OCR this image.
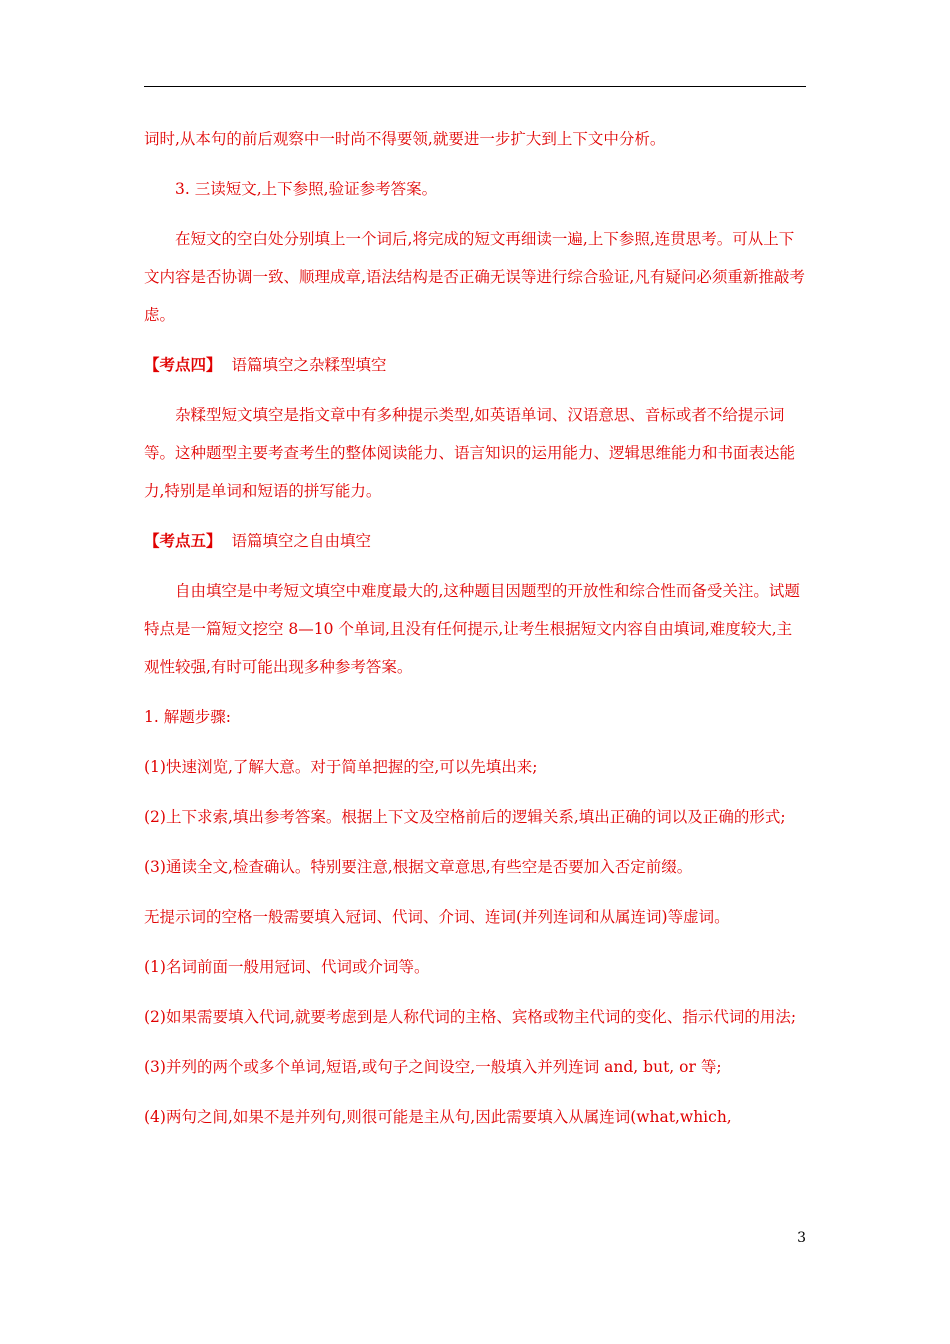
词时,从本句的前后观察中一时尚不得要领,就要进一步扩大到上下文中分析。

3. 三读短文,上下参照,验证参考答案。

在短文的空白处分别填上一个词后,将完成的短文再细读一遍,上下参照,连贯思考。可从上下文内容是否协调一致、顺理成章,语法结构是否正确无误等进行综合验证,凡有疑问必须重新推敲考虑。

【考点四】 语篇填空之杂糅型填空

杂糅型短文填空是指文章中有多种提示类型,如英语单词、汉语意思、音标或者不给提示词等。这种题型主要考查考生的整体阅读能力、语言知识的运用能力、逻辑思维能力和书面表达能力,特别是单词和短语的拼写能力。

【考点五】 语篇填空之自由填空

自由填空是中考短文填空中难度最大的,这种题目因题型的开放性和综合性而备受关注。试题特点是一篇短文挖空 8—10 个单词,且没有任何提示,让考生根据短文内容自由填词,难度较大,主观性较强,有时可能出现多种参考答案。

1. 解题步骤:

(1)快速浏览,了解大意。对于简单把握的空,可以先填出来;

(2)上下求索,填出参考答案。根据上下文及空格前后的逻辑关系,填出正确的词以及正确的形式;

(3)通读全文,检查确认。特别要注意,根据文章意思,有些空是否要加入否定前缀。

无提示词的空格一般需要填入冠词、代词、介词、连词(并列连词和从属连词)等虚词。

(1)名词前面一般用冠词、代词或介词等。

(2)如果需要填入代词,就要考虑到是人称代词的主格、宾格或物主代词的变化、指示代词的用法;

(3)并列的两个或多个单词,短语,或句子之间设空,一般填入并列连词 and, but, or 等;

(4)两句之间,如果不是并列句,则很可能是主从句,因此需要填入从属连词(what,which,

3
